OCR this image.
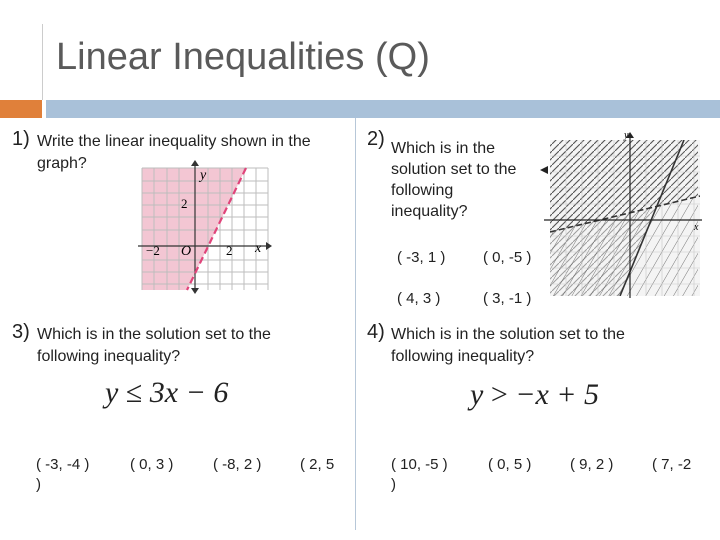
Linear Inequalities (Q)
1) Write the linear inequality shown in the
graph?
y
x
O
2
−2	2
2) Which is in the
solution set to the
following
inequality?
y
x
( -3, 1 )	( 0, -5 )
( 4, 3 )	( 3, -1 )
3) Which is in the solution set to the
following inequality?
y ≤ 3x − 6
( -3, -4 )
)
( 0, 3 )	( -8, 2 )	( 2, 5
4) Which is in the solution set to the
following inequality?
y > −x + 5
( 10, -5 )
)
( 0, 5 )	( 9, 2 )	( 7, -2
